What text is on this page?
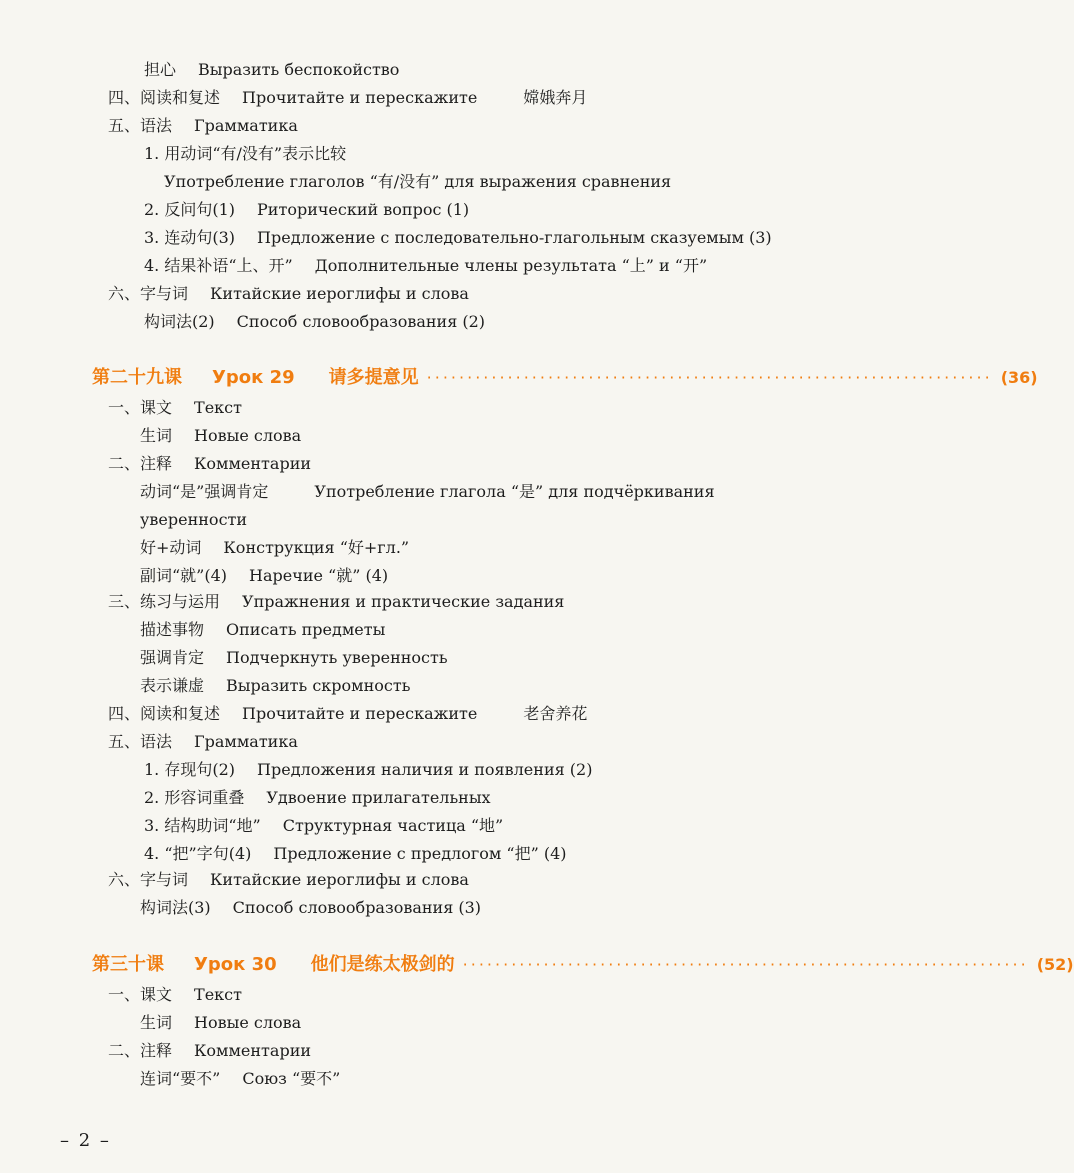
担心 Выразить беспокойство
四、阅读和复述 Прочитайте и перескажите	嫦娥奔月
五、语法 Грамматика
1. 用动词“有/没有”表示比较
Употребление глаголов “有/没有” для выражения сравнения
2. 反问句(1) Риторический вопрос (1)
3. 连动句(3) Предложение с последовательно-глагольным сказуемым (3)
4. 结果补语“上、开” Дополнительные члены результата “上” и “开”
六、字与词 Китайские иероглифы и слова
构词法(2) Способ словообразования (2)
第二十九课 Урок 29 请多提意见 ······································································ (36)
一、课文 Текст
生词 Новые слова
二、注释 Комментарии
动词“是”强调肯定	Употребление глагола “是” для подчёркивания
уверенности
好+动词 Конструкция “好+гл.”
副词“就”(4) Наречие “就” (4)
三、练习与运用 Упражнения и практические задания
描述事物 Описать предметы
强调肯定 Подчеркнуть уверенность
表示谦虚 Выразить скромность
四、阅读和复述 Прочитайте и перескажите	老舍养花
五、语法 Грамматика
1. 存现句(2) Предложения наличия и появления (2)
2. 形容词重叠 Удвоение прилагательных
3. 结构助词“地” Структурная частица “地”
4. “把”字句(4) Предложение с предлогом “把” (4)
六、字与词 Китайские иероглифы и слова
构词法(3) Способ словообразования (3)
第三十课 Урок 30 他们是练太极剑的 ······································································ (52)
一、课文 Текст
生词 Новые слова
二、注释 Комментарии
连词“要不” Союз “要不”
– 2 –
